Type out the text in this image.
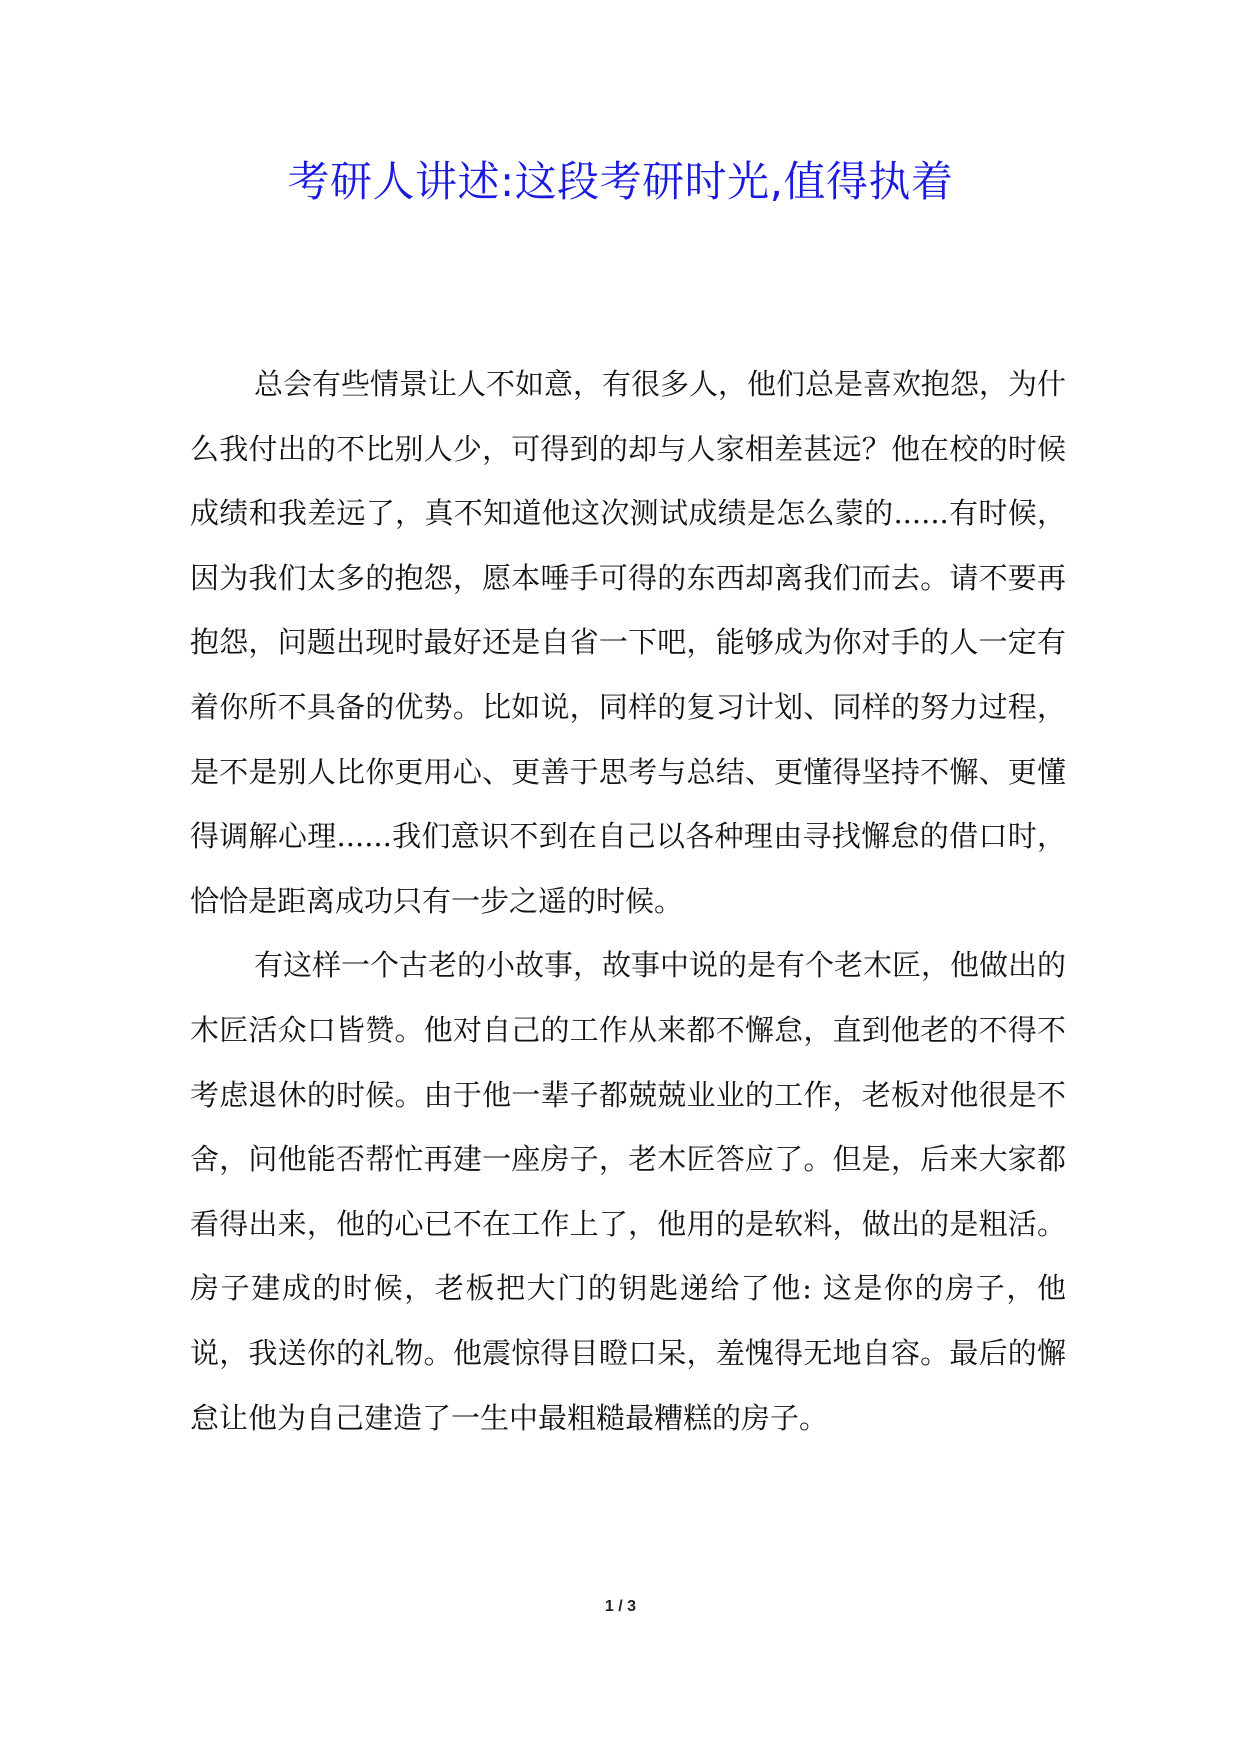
考研人讲述:这段考研时光,值得执着

总会有些情景让人不如意，有很多人，他们总是喜欢抱怨，为什么我付出的不比别人少，可得到的却与人家相差甚远？他在校的时候成绩和我差远了，真不知道他这次测试成绩是怎么蒙的......有时候，因为我们太多的抱怨，愿本唾手可得的东西却离我们而去。请不要再抱怨，问题出现时最好还是自省一下吧，能够成为你对手的人一定有着你所不具备的优势。比如说，同样的复习计划、同样的努力过程，是不是别人比你更用心、更善于思考与总结、更懂得坚持不懈、更懂得调解心理......我们意识不到在自己以各种理由寻找懈怠的借口时，恰恰是距离成功只有一步之遥的时候。

有这样一个古老的小故事，故事中说的是有个老木匠，他做出的木匠活众口皆赞。他对自己的工作从来都不懈怠，直到他老的不得不考虑退休的时候。由于他一辈子都兢兢业业的工作，老板对他很是不舍，问他能否帮忙再建一座房子，老木匠答应了。但是，后来大家都看得出来，他的心已不在工作上了，他用的是软料，做出的是粗活。房子建成的时候，老板把大门的钥匙递给了他: 这是你的房子，他说，我送你的礼物。他震惊得目瞪口呆，羞愧得无地自容。最后的懈怠让他为自己建造了一生中最粗糙最糟糕的房子。

1 / 3
